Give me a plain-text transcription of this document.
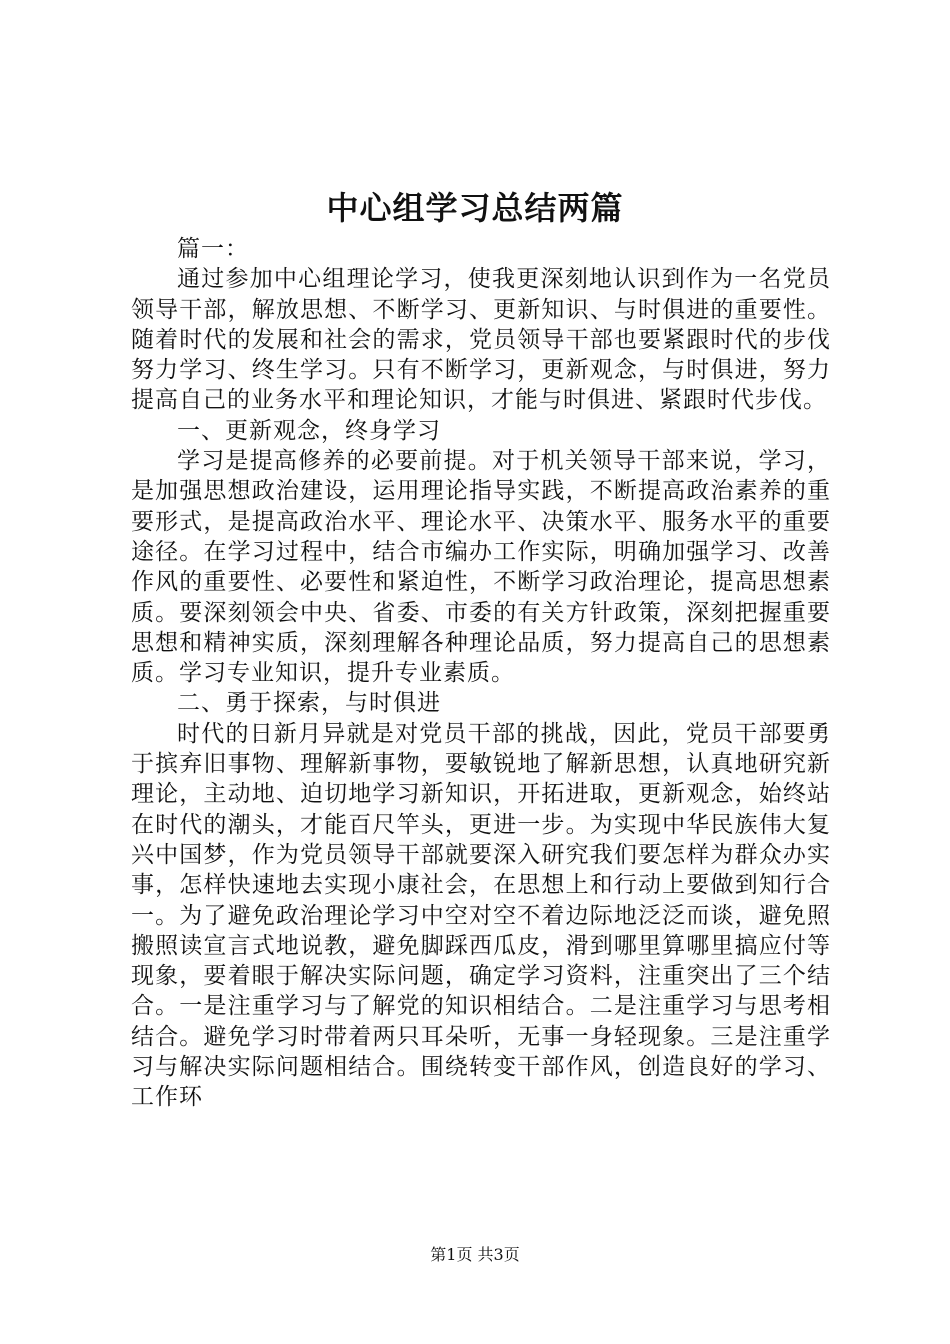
中心组学习总结两篇

篇一：

通过参加中心组理论学习，使我更深刻地认识到作为一名党员领导干部，解放思想、不断学习、更新知识、与时俱进的重要性。随着时代的发展和社会的需求，党员领导干部也要紧跟时代的步伐努力学习、终生学习。只有不断学习，更新观念，与时俱进，努力提高自己的业务水平和理论知识，才能与时俱进、紧跟时代步伐。

一、更新观念，终身学习

学习是提高修养的必要前提。对于机关领导干部来说，学习，是加强思想政治建设，运用理论指导实践，不断提高政治素养的重要形式，是提高政治水平、理论水平、决策水平、服务水平的重要途径。在学习过程中，结合市编办工作实际，明确加强学习、改善作风的重要性、必要性和紧迫性，不断学习政治理论，提高思想素质。要深刻领会中央、省委、市委的有关方针政策，深刻把握重要思想和精神实质，深刻理解各种理论品质，努力提高自己的思想素质。学习专业知识，提升专业素质。

二、勇于探索，与时俱进

时代的日新月异就是对党员干部的挑战，因此，党员干部要勇于摈弃旧事物、理解新事物，要敏锐地了解新思想，认真地研究新理论，主动地、迫切地学习新知识，开拓进取，更新观念，始终站在时代的潮头，才能百尺竿头，更进一步。为实现中华民族伟大复兴中国梦，作为党员领导干部就要深入研究我们要怎样为群众办实事，怎样快速地去实现小康社会，在思想上和行动上要做到知行合一。为了避免政治理论学习中空对空不着边际地泛泛而谈，避免照搬照读宣言式地说教，避免脚踩西瓜皮，滑到哪里算哪里搞应付等现象，要着眼于解决实际问题，确定学习资料，注重突出了三个结合。一是注重学习与了解党的知识相结合。二是注重学习与思考相结合。避免学习时带着两只耳朵听，无事一身轻现象。三是注重学习与解决实际问题相结合。围绕转变干部作风，创造良好的学习、工作环

第1页 共3页
